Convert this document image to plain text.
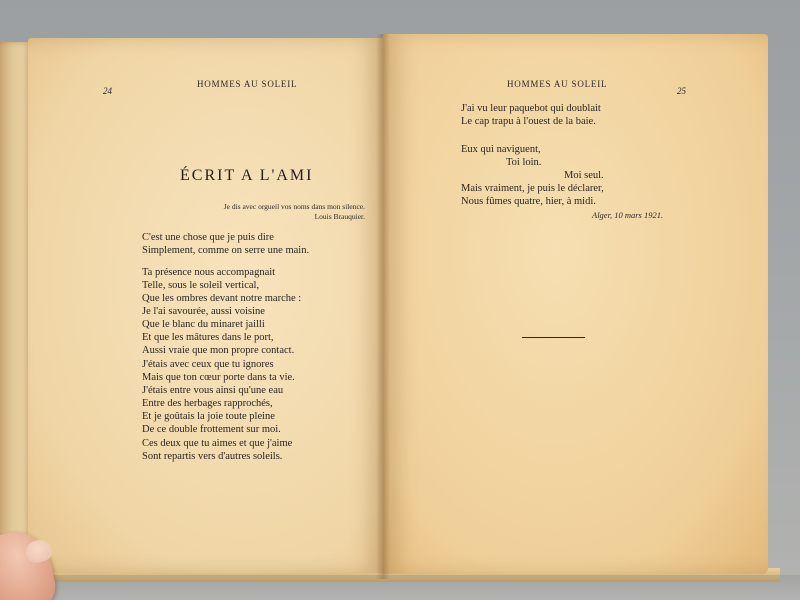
24
HOMMES AU SOLEIL
ÉCRIT A L'AMI
Je dis avec orgueil vos noms dans mon silence.
Louis Brauquier.
C'est une chose que je puis dire
Simplement, comme on serre une main.
Ta présence nous accompagnait
Telle, sous le soleil vertical,
Que les ombres devant notre marche :
Je l'ai savourée, aussi voisine
Que le blanc du minaret jailli
Et que les mâtures dans le port,
Aussi vraie que mon propre contact.
J'étais avec ceux que tu ignores
Mais que ton cœur porte dans ta vie.
J'étais entre vous ainsi qu'une eau
Entre des herbages rapprochés,
Et je goûtais la joie toute pleine
De ce double frottement sur moi.
Ces deux que tu aimes et que j'aime
Sont repartis vers d'autres soleils.
HOMMES AU SOLEIL
25
J'ai vu leur paquebot qui doublait
Le cap trapu à l'ouest de la baie.
Eux qui naviguent,
Toi loin.
Moi seul.
Mais vraiment, je puis le déclarer,
Nous fûmes quatre, hier, à midi.
Alger, 10 mars 1921.
